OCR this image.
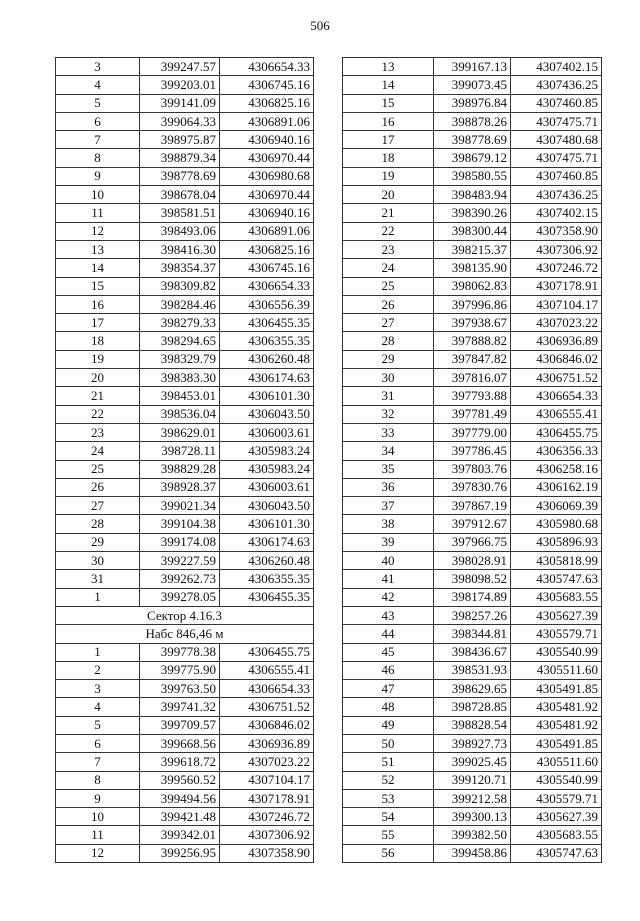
506
3	399247.57	4306654.33
4	399203.01	4306745.16
5	399141.09	4306825.16
6	399064.33	4306891.06
7	398975.87	4306940.16
8	398879.34	4306970.44
9	398778.69	4306980.68
10	398678.04	4306970.44
11	398581.51	4306940.16
12	398493.06	4306891.06
13	398416.30	4306825.16
14	398354.37	4306745.16
15	398309.82	4306654.33
16	398284.46	4306556.39
17	398279.33	4306455.35
18	398294.65	4306355.35
19	398329.79	4306260.48
20	398383.30	4306174.63
21	398453.01	4306101.30
22	398536.04	4306043.50
23	398629.01	4306003.61
24	398728.11	4305983.24
25	398829.28	4305983.24
26	398928.37	4306003.61
27	399021.34	4306043.50
28	399104.38	4306101.30
29	399174.08	4306174.63
30	399227.59	4306260.48
31	399262.73	4306355.35
1	399278.05	4306455.35
Сектор 4.16.3		
Набс 846,46 м		
1	399778.38	4306455.75
2	399775.90	4306555.41
3	399763.50	4306654.33
4	399741.32	4306751.52
5	399709.57	4306846.02
6	399668.56	4306936.89
7	399618.72	4307023.22
8	399560.52	4307104.17
9	399494.56	4307178.91
10	399421.48	4307246.72
11	399342.01	4307306.92
12	399256.95	4307358.90
13	399167.13	4307402.15
14	399073.45	4307436.25
15	398976.84	4307460.85
16	398878.26	4307475.71
17	398778.69	4307480.68
18	398679.12	4307475.71
19	398580.55	4307460.85
20	398483.94	4307436.25
21	398390.26	4307402.15
22	398300.44	4307358.90
23	398215.37	4307306.92
24	398135.90	4307246.72
25	398062.83	4307178.91
26	397996.86	4307104.17
27	397938.67	4307023.22
28	397888.82	4306936.89
29	397847.82	4306846.02
30	397816.07	4306751.52
31	397793.88	4306654.33
32	397781.49	4306555.41
33	397779.00	4306455.75
34	397786.45	4306356.33
35	397803.76	4306258.16
36	397830.76	4306162.19
37	397867.19	4306069.39
38	397912.67	4305980.68
39	397966.75	4305896.93
40	398028.91	4305818.99
41	398098.52	4305747.63
42	398174.89	4305683.55
43	398257.26	4305627.39
44	398344.81	4305579.71
45	398436.67	4305540.99
46	398531.93	4305511.60
47	398629.65	4305491.85
48	398728.85	4305481.92
49	398828.54	4305481.92
50	398927.73	4305491.85
51	399025.45	4305511.60
52	399120.71	4305540.99
53	399212.58	4305579.71
54	399300.13	4305627.39
55	399382.50	4305683.55
56	399458.86	4305747.63
